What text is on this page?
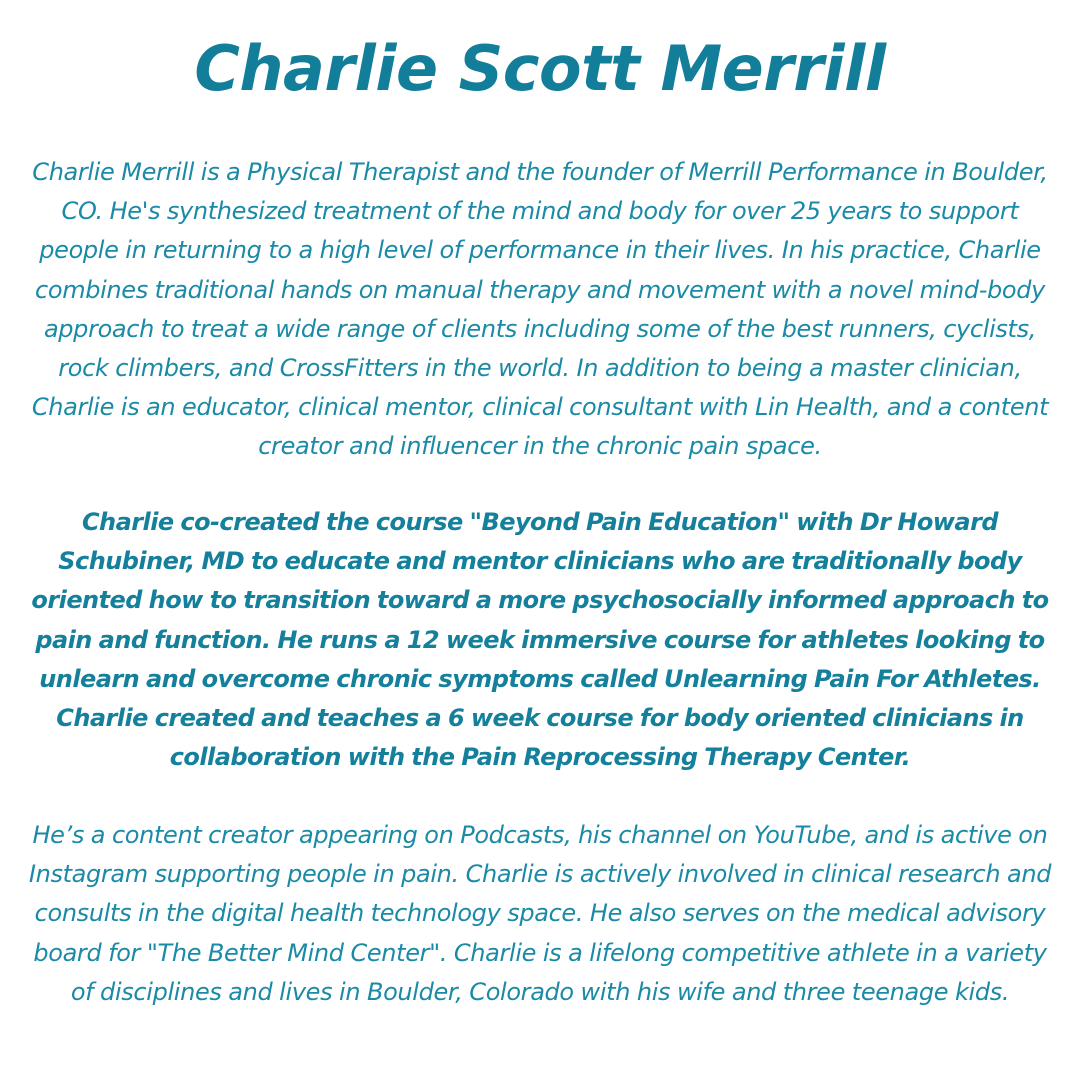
Charlie Scott Merrill

Charlie Merrill is a Physical Therapist and the founder of Merrill Performance in Boulder, CO. He's synthesized treatment of the mind and body for over 25 years to support people in returning to a high level of performance in their lives. In his practice, Charlie combines traditional hands on manual therapy and movement with a novel mind-body approach to treat a wide range of clients including some of the best runners, cyclists, rock climbers, and CrossFitters in the world. In addition to being a master clinician, Charlie is an educator, clinical mentor, clinical consultant with Lin Health, and a content creator and influencer in the chronic pain space.

Charlie co-created the course "Beyond Pain Education" with Dr Howard Schubiner, MD to educate and mentor clinicians who are traditionally body oriented how to transition toward a more psychosocially informed approach to pain and function. He runs a 12 week immersive course for athletes looking to unlearn and overcome chronic symptoms called Unlearning Pain For Athletes. Charlie created and teaches a 6 week course for body oriented clinicians in collaboration with the Pain Reprocessing Therapy Center.

He’s a content creator appearing on Podcasts, his channel on YouTube, and is active on Instagram supporting people in pain. Charlie is actively involved in clinical research and consults in the digital health technology space. He also serves on the medical advisory board for "The Better Mind Center". Charlie is a lifelong competitive athlete in a variety of disciplines and lives in Boulder, Colorado with his wife and three teenage kids.
